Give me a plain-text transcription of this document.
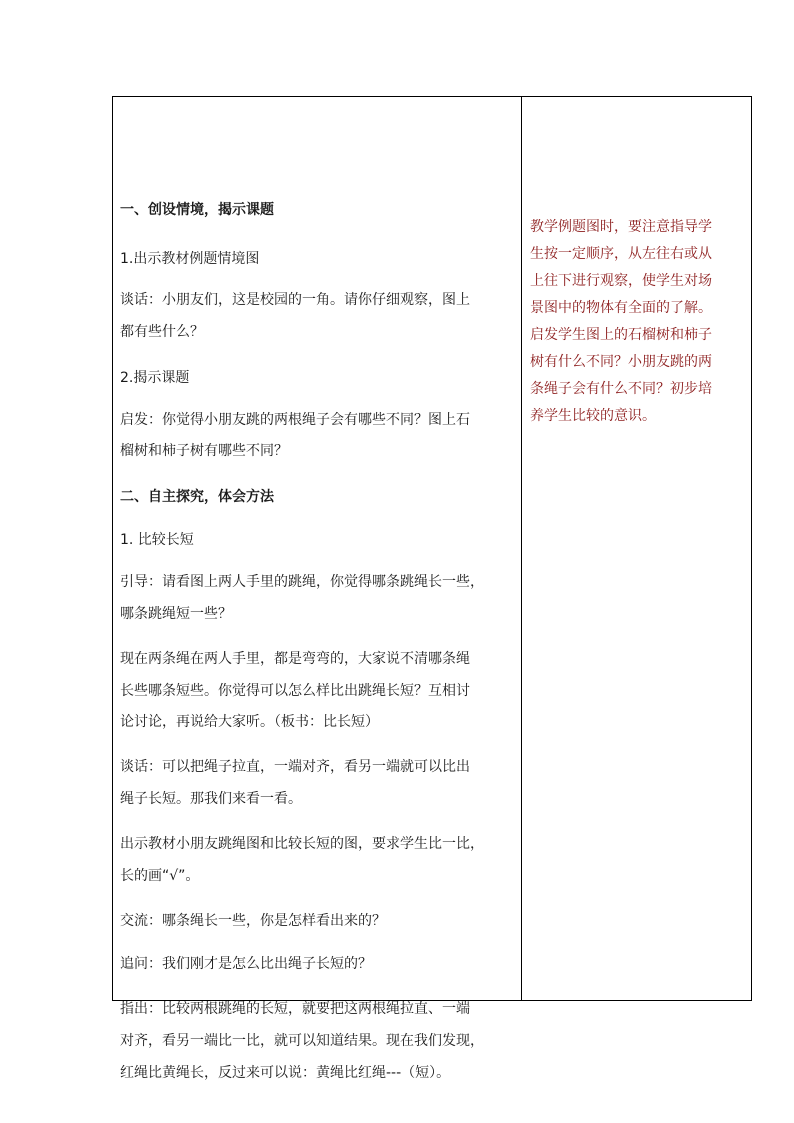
一、创设情境，揭示课题
1.出示教材例题情境图
谈话：小朋友们，这是校园的一角。请你仔细观察，图上
都有些什么？
2.揭示课题
启发：你觉得小朋友跳的两根绳子会有哪些不同？图上石
榴树和柿子树有哪些不同？
二、自主探究，体会方法
1. 比较长短
引导：请看图上两人手里的跳绳，你觉得哪条跳绳长一些，
哪条跳绳短一些？
现在两条绳在两人手里，都是弯弯的，大家说不清哪条绳
长些哪条短些。你觉得可以怎么样比出跳绳长短？互相讨
论讨论，再说给大家听。（板书：比长短）
谈话：可以把绳子拉直，一端对齐，看另一端就可以比出
绳子长短。那我们来看一看。
出示教材小朋友跳绳图和比较长短的图，要求学生比一比，
长的画“√”。
交流：哪条绳长一些，你是怎样看出来的？
追问：我们刚才是怎么比出绳子长短的？
指出：比较两根跳绳的长短，就要把这两根绳拉直、一端
对齐，看另一端比一比，就可以知道结果。现在我们发现，
红绳比黄绳长，反过来可以说：黄绳比红绳---（短）。
教学例题图时，要注意指导学
生按一定顺序，从左往右或从
上往下进行观察，使学生对场
景图中的物体有全面的了解。
启发学生图上的石榴树和柿子
树有什么不同？小朋友跳的两
条绳子会有什么不同？初步培
养学生比较的意识。
